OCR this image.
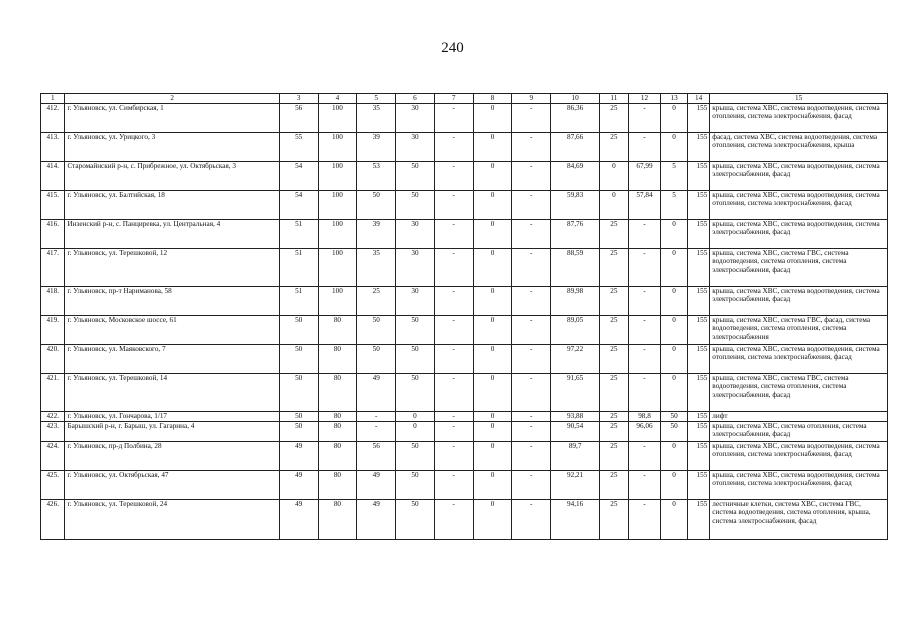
240
1	2	3	4	5	6	7	8	9	10	11	12	13	14	15
412.	г. Ульяновск, ул. Симбирская, 1	56	100	35	30	-	0	-	86,36	25	-	0	155	крыша, система ХВС, система водоотведения, система отопления, система электроснабжения, фасад
413.	г. Ульяновск, ул. Урицкого, 3	55	100	39	30	-	0	-	87,66	25	-	0	155	фасад, система ХВС, система водоотведения, система отопления, система электроснабжения, крыша
414.	Старомайнский р-н, с. Прибрежное, ул. Октябрьская, 3	54	100	53	50	-	0	-	84,69	0	67,99	5	155	крыша, система ХВС, система водоотведения, система электроснабжения, фасад
415.	г. Ульяновск, ул. Балтийская, 18	54	100	50	50	-	0	-	59,83	0	57,84	5	155	крыша, система ХВС, система водоотведения, система отопления, система электроснабжения, фасад
416.	Инзенский р-н, с. Панциревка, ул. Центральная, 4	51	100	39	30	-	0	-	87,76	25	-	0	155	крыша, система ХВС, система водоотведения, система электроснабжения, фасад
417.	г. Ульяновск, ул. Терешковой, 12	51	100	35	30	-	0	-	88,59	25	-	0	155	крыша, система ХВС, система ГВС, система водоотведения, система отопления, система электроснабжения, фасад
418.	г. Ульяновск, пр-т Нариманова, 58	51	100	25	30	-	0	-	89,98	25	-	0	155	крыша, система ХВС, система водоотведения, система электроснабжения, фасад
419.	г. Ульяновск, Московское шоссе, 61	50	80	50	50	-	0	-	89,05	25	-	0	155	крыша, система ХВС, система ГВС, фасад, система водоотведения, система отопления, система электроснабжения
420.	г. Ульяновск, ул. Маяковского, 7	50	80	50	50	-	0	-	97,22	25	-	0	155	крыша, система ХВС, система водоотведения, система отопления, система электроснабжения, фасад
421.	г. Ульяновск, ул. Терешковой, 14	50	80	49	50	-	0	-	91,65	25	-	0	155	крыша, система ХВС, система ГВС, система водоотведения, система отопления, система электроснабжения, фасад
422.	г. Ульяновск, ул. Гончарова, 1/17	50	80	-	0	-	0	-	93,88	25	98,8	50	155	лифт
423.	Барышский р-н, г. Барыш, ул. Гагарина, 4	50	80	-	0	-	0	-	90,54	25	96,06	50	155	крыша, система ХВС, система отопления, система электроснабжения, фасад
424.	г. Ульяновск, пр-д Полбина, 28	49	80	56	50	-	0	-	89,7	25	-	0	155	крыша, система ХВС, система водоотведения, система отопления, система электроснабжения, фасад
425.	г. Ульяновск, ул. Октябрьская, 47	49	80	49	50	-	0	-	92,21	25	-	0	155	крыша, система ХВС, система водоотведения, система отопления, система электроснабжения, фасад
426.	г. Ульяновск, ул. Терешковой, 24	49	80	49	50	-	0	-	94,16	25	-	0	155	лестничные клетки, система ХВС, система ГВС, система водоотведения, система отопления, крыша, система электроснабжения, фасад
